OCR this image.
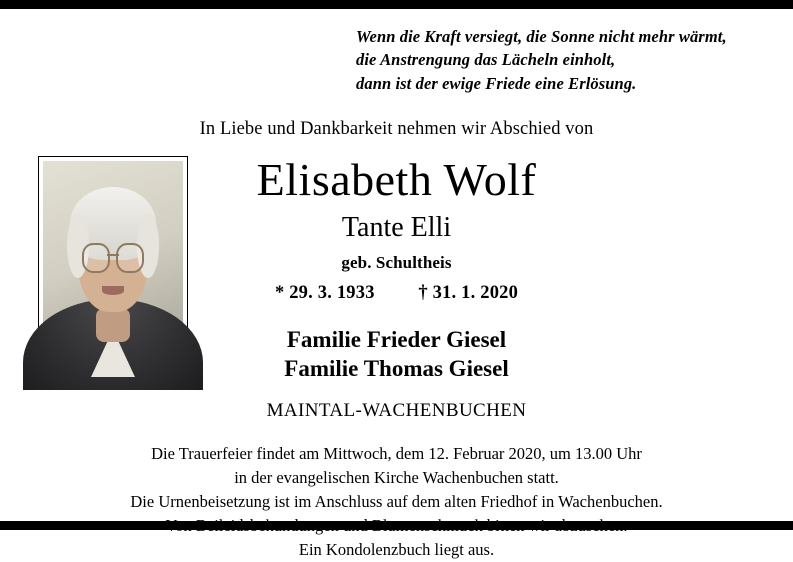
Wenn die Kraft versiegt, die Sonne nicht mehr wärmt,
die Anstrengung das Lächeln einholt,
dann ist der ewige Friede eine Erlösung.
In Liebe und Dankbarkeit nehmen wir Abschied von
Elisabeth Wolf
Tante Elli
geb. Schultheis
* 29. 3. 1933 † 31. 1. 2020
Familie Frieder Giesel
Familie Thomas Giesel
MAINTAL-WACHENBUCHEN
Die Trauerfeier findet am Mittwoch, dem 12. Februar 2020, um 13.00 Uhr
in der evangelischen Kirche Wachenbuchen statt.
Die Urnenbeisetzung ist im Anschluss auf dem alten Friedhof in Wachenbuchen.
Von Beileidsbekundungen und Blumenschmuck bitten wir abzusehen.
Ein Kondolenzbuch liegt aus.
